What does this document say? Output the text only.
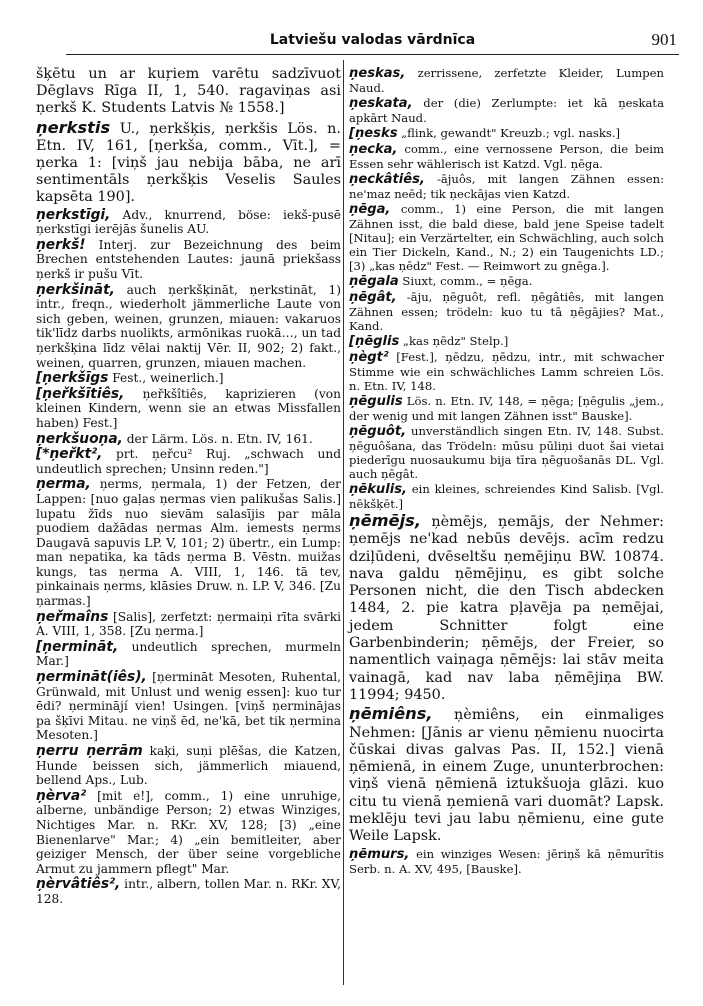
Latviešu valodas vārdnīca	901
šķētu un ar kuŗiem varētu sadzīvuot Dēglavs Rīga II, 1, 540. ragaviņas asi ņerkš K. Students Latvis № 1558.]
ņerkstis U., ņerkšķis, ņerkšis Lös. n. Etn. IV, 161, [ņerkša, comm., Vīt.], = ņerka 1: [viņš jau nebija bāba, ne arī sentimentāls ņerkšķis Veselis Saules kapsēta 190].
ņerkstīgi, Adv., knurrend, böse: iekš-pusē ņerkstīgi ierējās šunelis AU.
ņerkš! Interj. zur Bezeichnung des beim Brechen entstehenden Lautes: jaunā priekšass ņerkš ir pušu Vīt.
ņerkšināt, auch ņerkšķināt, ņerkstināt, 1) intr., freqn., wiederholt jämmerliche Laute von sich geben, weinen, grunzen, miauen: vakaruos tik'līdz darbs nuolikts, armōnikas ruokā…, un tad ņerkšķina līdz vēlai naktij Vēr. II, 902; 2) fakt., weinen, quarren, grunzen, miauen machen.
[ņerkšīgs Fest., weinerlich.]
[ņeřkšītiês, ņeřkšîtiês, kaprizieren (von kleinen Kindern, wenn sie an etwas Missfallen haben) Fest.]
ņerkšuoņa, der Lärm. Lös. n. Etn. IV, 161.
[*ņeřkt², prt. ņeřcu² Ruj. „schwach und undeutlich sprechen; Unsinn reden."]
ņerma, ņerms, ņermala, 1) der Fetzen, der Lappen: [nuo gaļas ņermas vien palikušas Salis.] lupatu žīds nuo sievām salasījis par māla puodiem dažādas ņermas Alm. iemests ņerms Daugavā sapuvis LP. V, 101; 2) übertr., ein Lump: man nepatika, ka tāds ņerma B. Vēstn. muižas kungs, tas ņerma A. VIII, 1, 146. tā tev, pinkainais ņerms, klāsies Druw. n. LP. V, 346. [Zu ņarmas.]
ņeřmaîns [Salis], zerfetzt: ņermaiņi rīta svārki A. VIII, 1, 358. [Zu ņerma.]
[ņermināt, undeutlich sprechen, murmeln Mar.]
ņermināt(iês), [ņermināt Mesoten, Ruhental, Grünwald, mit Unlust und wenig essen]: kuo tur ēdi? ņerminājí vien! Usingen. [viņš ņerminājas pa šķīvi Mitau. ne viņš ēd, ne'kā, bet tik ņermina Mesoten.]
ņerru ņerrām kaķi, suņi plēšas, die Katzen, Hunde beissen sich, jämmerlich miauend, bellend Aps., Lub.
ņèrva² [mit e!], comm., 1) eine unruhige, alberne, unbändige Person; 2) etwas Winziges, Nichtiges Mar. n. RKr. XV, 128; [3) „eine Bienenlarve" Mar.; 4) „ein bemitleiter, aber geiziger Mensch, der über seine vorgebliche Armut zu jammern pflegt" Mar.
ņèrvâtiês², intr., albern, tollen Mar. n. RKr. XV, 128.
ņeskas, zerrissene, zerfetzte Kleider, Lumpen Naud.
ņeskata, der (die) Zerlumpte: iet kā ņeskata apkārt Naud.
[ņesks „flink, gewandt" Kreuzb.; vgl. nasks.]
ņecka, comm., eine vernossene Person, die beim Essen sehr wählerisch ist Katzd. Vgl. ņēga.
ņeckâtiês, -ājuôs, mit langen Zähnen essen: ne'maz neēd; tik ņeckājas vien Katzd.
ņēga, comm., 1) eine Person, die mit langen Zähnen isst, die bald diese, bald jene Speise tadelt [Nitau]; ein Verzärtelter, ein Schwächling, auch solch ein Tier Dickeln, Kand., N.; 2) ein Taugenichts LD.; [3) „kas ņēdz" Fest. — Reimwort zu gnēga.].
ņēgala Siuxt, comm., = ņēga.
ņēgât, -āju, ņēguôt, refl. ņēgâtiês, mit langen Zähnen essen; trödeln: kuo tu tā ņēgājies? Mat., Kand.
[ņēglis „kas ņēdz" Stelp.]
ņègt² [Fest.], ņēdzu, ņēdzu, intr., mit schwacher Stimme wie ein schwächliches Lamm schreien Lös. n. Etn. IV, 148.
ņēgulis Lös. n. Etn. IV, 148, = ņēga; [ņēgulis „jem., der wenig und mit langen Zähnen isst" Bauske].
ņēguôt, unverständlich singen Etn. IV, 148. Subst. ņēguôšana, das Trödeln: mūsu pūliņi duot šai vietai piederīgu nuosaukumu bija tīra ņēguošanās DL. Vgl. auch ņēgât.
ņēkulis, ein kleines, schreiendes Kind Salisb. [Vgl. nēkšķēt.]
ņēmējs, ņèmējs, ņemājs, der Nehmer: ņemējs ne'kad nebūs devējs. acīm redzu dziļūdeni, dvēseltšu ņemējiņu BW. 10874. nava galdu ņēmējiņu, es gibt solche Personen nicht, die den Tisch abdecken 1484, 2. pie katra pļavēja pa ņemējai, jedem Schnitter folgt eine Garbenbinderin; ņēmējs, der Freier, so namentlich vaiņaga ņēmējs: lai stāv meita vainagā, kad nav laba ņēmējiņa BW. 11994; 9450.
ņēmiêns, ņèmiêns, ein einmaliges Nehmen: [Jānis ar vienu ņēmienu nuocirta čūskai divas galvas Pas. II, 152.] vienā ņēmienā, in einem Zuge, ununterbrochen: viņš vienā ņēmienā iztukšuoja glāzi. kuo citu tu vienā ņemienā vari duomāt? Lapsk. meklēju tevi jau labu ņēmienu, eine gute Weile Lapsk.
ņēmurs, ein winziges Wesen: jēriņš kā ņēmurītis Serb. n. A. XV, 495, [Bauske].
